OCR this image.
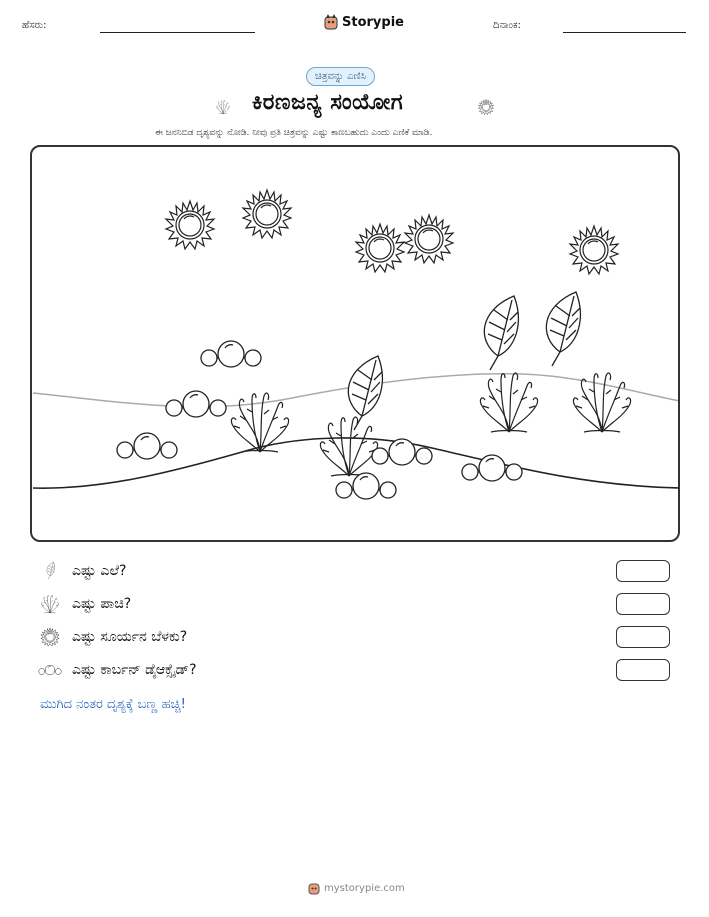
ಹೆಸರು:	Storypie	ದಿನಾಂಕ:
ಚಿತ್ರವನ್ನು ಎಣಿಸಿ
ಕಿರಣಜನ್ಯ ಸಂಯೋಗ
ಈ ಜನನಿಬಿಡ ದೃಶ್ಯವನ್ನು ನೋಡಿ. ನೀವು ಪ್ರತಿ ಚಿತ್ರವನ್ನು ಎಷ್ಟು ಕಾಣಬಹುದು ಎಂದು ಎಣಿಕೆ ಮಾಡಿ.
ಎಷ್ಟು ಎಲೆ?
ಎಷ್ಟು ಪಾಚಿ?
ಎಷ್ಟು ಸೂರ್ಯನ ಬೆಳಕು?
ಎಷ್ಟು ಕಾರ್ಬನ್ ಡೈಆಕ್ಸೈಡ್?
ಮುಗಿದ ನಂತರ ದೃಶ್ಯಕ್ಕೆ ಬಣ್ಣ ಹಚ್ಚಿ!
mystorypie.com
